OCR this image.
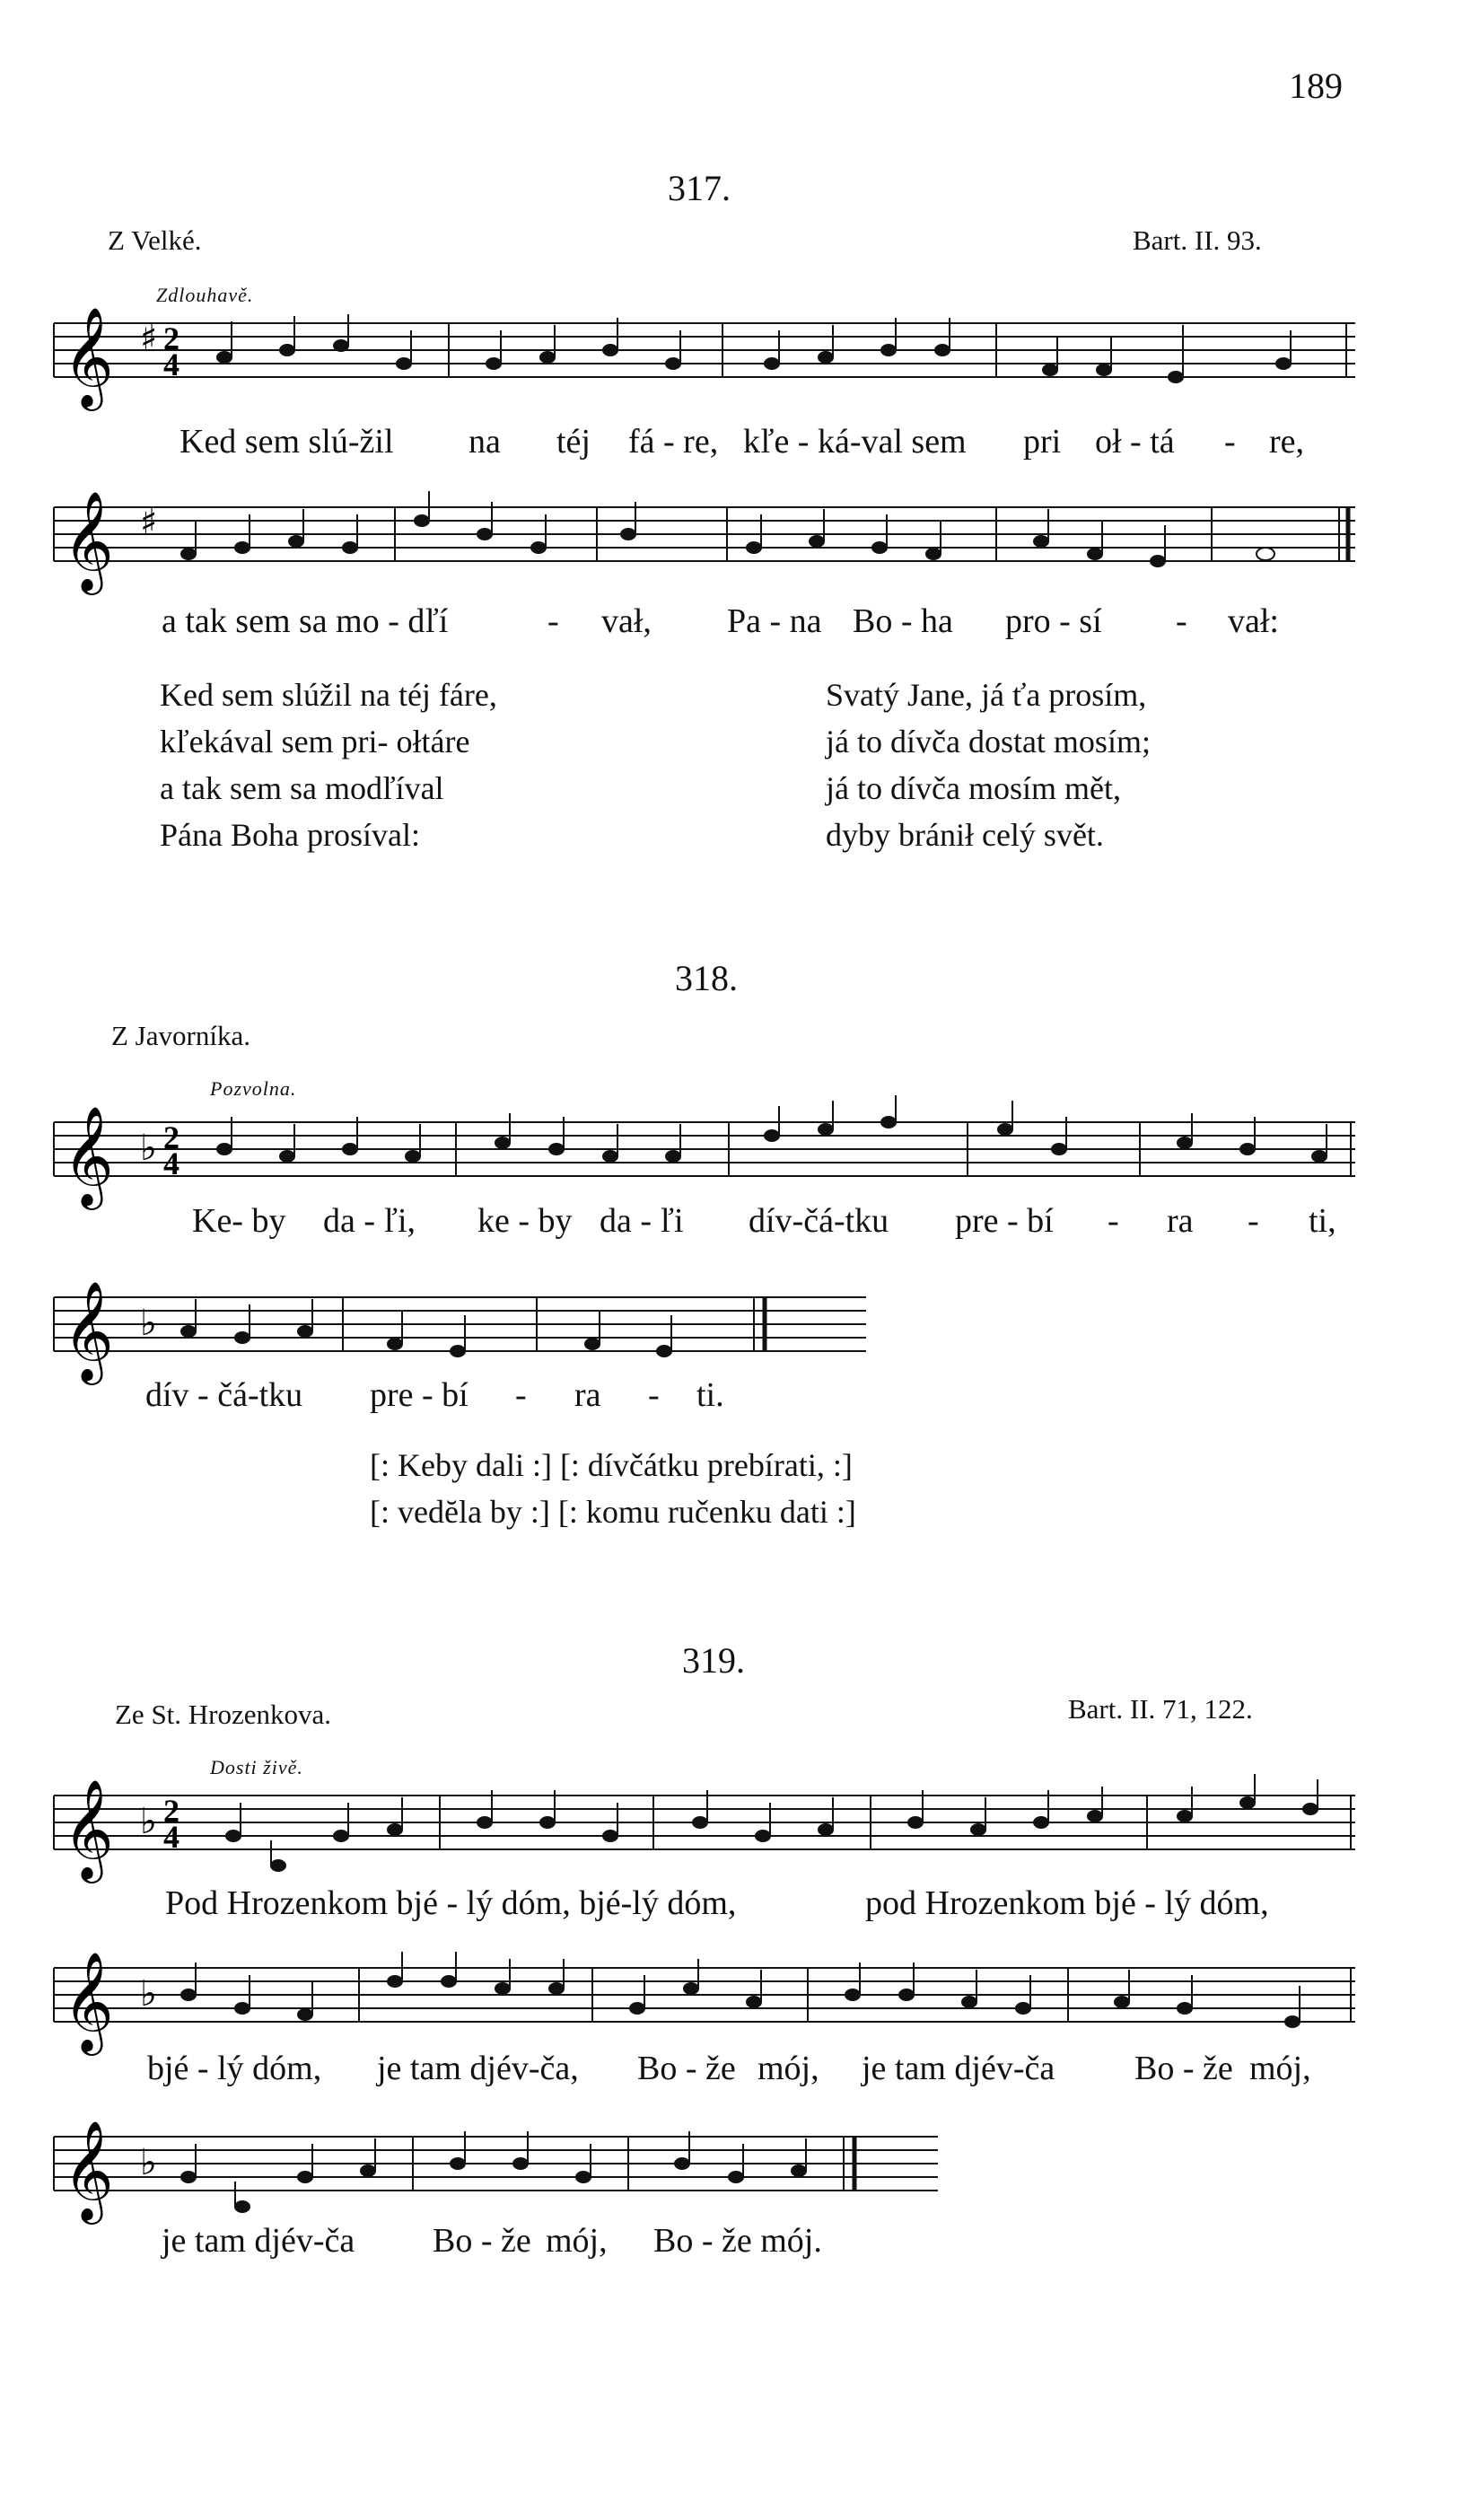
189
317.
Z Velké.	Bart. II. 93.
Zdlouhavě.
𝄞 ♯ 2
4
Ked sem slú-žil na téj fá - re, kľe - ká-val sem pri oł - tá - re,
𝄞 ♯
a tak sem sa mo - dľí	- vał, Pa - na Bo - ha pro - sí - vał:
Ked sem slúžil na téj fáre,
kľekával sem pri- ołtáre
a tak sem sa modľíval
Pána Boha prosíval:
Svatý Jane, já ťa prosím,
já to dívča dostat mosím;
já to dívča mosím mět,
dyby bránił celý svět.
318.
Z Javorníka.
Pozvolna.
𝄞 ♭ 2
4
Ke- by da - ľi, ke - by da - ľi dív-čá-tku pre - bí - ra - ti,
𝄞 ♭
dív - čá-tku pre - bí - ra - ti.
[: Keby dali :] [: dívčátku prebírati, :]
[: vedĕla by :] [: komu ručenku dati :]
319.
Ze St. Hrozenkova.	Bart. II. 71, 122.
Dosti živě.
𝄞 ♭ 2
4
Pod Hrozenkom bjé - lý dóm, bjé-lý dóm,	pod Hrozenkom bjé - lý dóm,
𝄞 ♭
bjé - lý dóm, je tam djév-ča, Bo - že mój, je tam djév-ča Bo - že mój,
𝄞 ♭
je tam djév-ča Bo - že mój, Bo - že mój.
